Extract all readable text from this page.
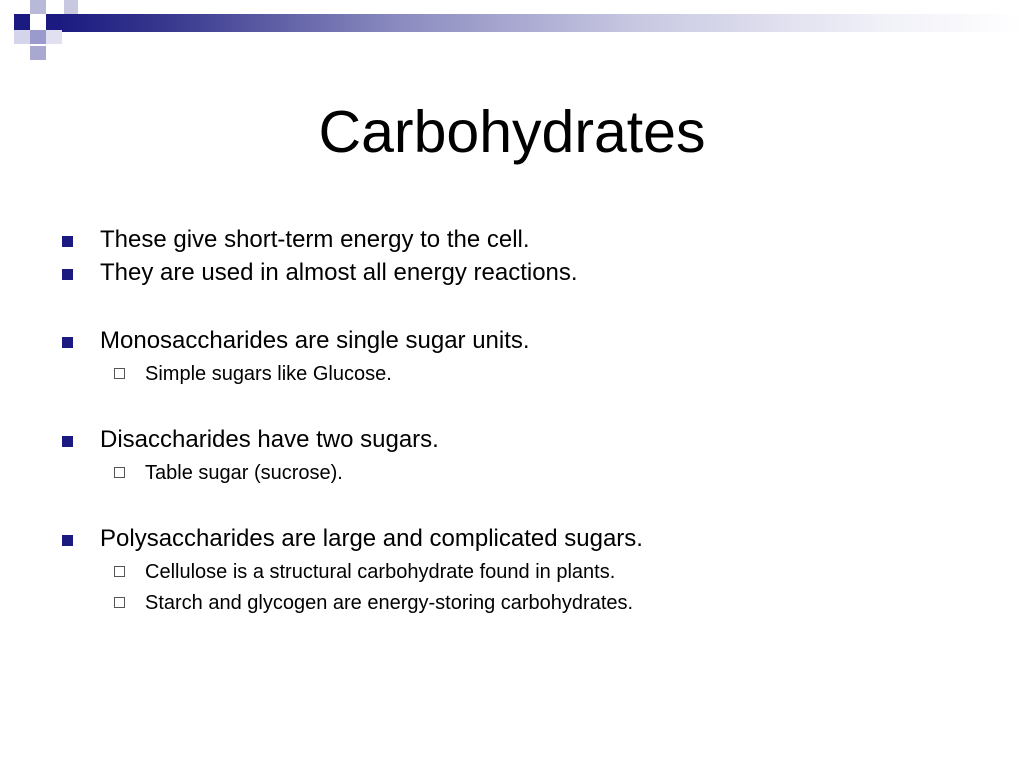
Carbohydrates
These give short-term energy to the cell.
They are used in almost all energy reactions.
Monosaccharides are single sugar units.
Simple sugars like Glucose.
Disaccharides have two sugars.
Table sugar (sucrose).
Polysaccharides are large and complicated sugars.
Cellulose is a structural carbohydrate found in plants.
Starch and glycogen are energy-storing carbohydrates.
